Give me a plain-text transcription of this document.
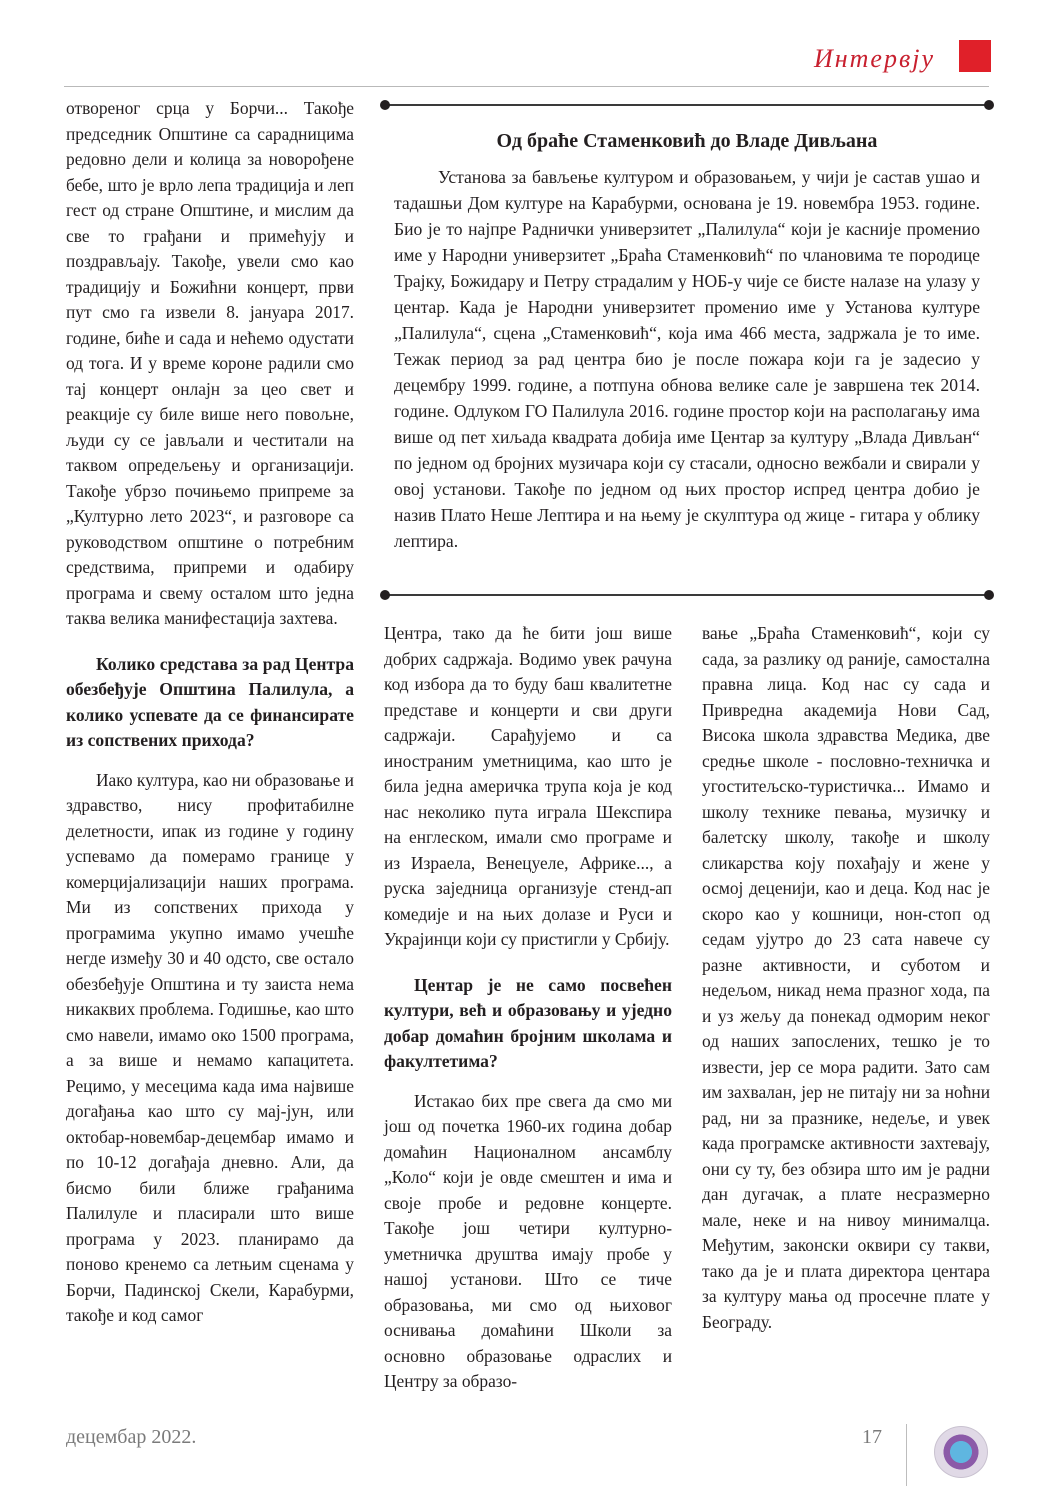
Интервју

отвореног срца у Борчи... Такође председник Општине са сарадницима редовно дели и колица за новорођене бебе, што је врло лепа традиција и леп гест од стране Општине, и мислим да све то грађани и примећују и поздрављају. Такође, увели смо као традицију и Божићни концерт, први пут смо га извели 8. јануара 2017. године, биће и сада и нећемо одустати од тога. И у време короне радили смо тај концерт онлајн за цео свет и реакције су биле више него повољне, људи су се јављали и честитали на таквом опредељењу и организацији. Такође убрзо почињемо припреме за „Културно лето 2023“, и разговоре са руководством општине о потребним средствима, припреми и одабиру програма и свему осталом што једна таква велика манифестација захтева.

Колико средстава за рад Центра обезбеђује Општина Палилула, а колико успевате да се финансирате из сопствених прихода?

Иако култура, као ни образовање и здравство, нису профитабилне делетности, ипак из године у годину успевамо да померамо границе у комерцијализацији наших програма. Ми из сопствених прихода у програмима укупно имамо учешће негде између 30 и 40 одсто, све остало обезбеђује Општина и ту заиста нема никаквих проблема. Годишње, као што смо навели, имамо око 1500 програма, а за више и немамо капацитета. Рецимо, у месецима када има највише догађања као што су мај-јун, или октобар-новембар-децембар имамо и по 10-12 догађаја дневно. Али, да бисмо били ближе грађанима Палилуле и пласирали што више програма у 2023. планирамо да поново кренемо са летњим сценама у Борчи, Падинској Скели, Карабурми, такође и код самог

Од браће Стаменковић до Владе Дивљана

Установа за бављење културом и образовањем, у чији је састав ушао и тадашњи Дом културе на Карабурми, основана је 19. новембра 1953. године. Био је то најпре Раднички универзитет „Палилула“ који је касније променио име у Народни универзитет „Браћа Стаменковић“ по члановима те породице Трајку, Божидару и Петру страдалим у НОБ-у чије се бисте налазе на улазу у центар. Када је Народни универзитет променио име у Установа културе „Палилула“, сцена „Стаменковић“, која има 466 места, задржала је то име. Тежак период за рад центра био је после пожара који га је задесио у децембру 1999. године, а потпуна обнова велике сале је завршена тек 2014. године. Одлуком ГО Палилула 2016. године простор који на располагању има више од пет хиљада квадрата добија име Центар за културу „Влада Дивљан“ по једном од бројних музичара који су стасали, односно вежбали и свирали у овој установи. Такође по једном од њих простор испред центра добио је назив Плато Неше Лептира и на њему је скулптура од жице - гитара у облику лептира.

Центра, тако да ће бити још више добрих садржаја. Водимо увек рачуна код избора да то буду баш квалитетне представе и концерти и сви други садржаји. Сарађујемо и са иностраним уметницима, као што је била једна америчка трупа која је код нас неколико пута играла Шекспира на енглеском, имали смо програме и из Израела, Венецуеле, Африке..., а руска заједница организује стенд-ап комедије и на њих долазе и Руси и Украјинци који су пристигли у Србију.

Центар је не само посвећен култури, већ и образовању и уједно добар домаћин бројним школама и факултетима?

Истакао бих пре свега да смо ми још од почетка 1960-их година добар домаћин Националном ансамблу „Коло“ који је овде смештен и има и своје пробе и редовне концерте. Такође још четири културно-уметничка друштва имају пробе у нашој установи. Што се тиче образовања, ми смо од њиховог оснивања домаћини Школи за основно образовање одраслих и Центру за образо-

вање „Браћа Стаменковић“, који су сада, за разлику од раније, самостална правна лица. Код нас су сада и Привредна академија Нови Сад, Висока школа здравства Медика, две средње школе - пословно-техничка и угоститељско-туристичка... Имамо и школу технике певања, музичку и балетску школу, такође и школу сликарства коју похађају и жене у осмој деценији, као и деца. Код нас је скоро као у кошници, нон-стоп од седам ујутро до 23 сата навече су разне активности, и суботом и недељом, никад нема празног хода, па и уз жељу да понекад одморим неког од наших запослених, тешко је то извести, јер се мора радити. Зато сам им захвалан, јер не питају ни за ноћни рад, ни за празнике, недеље, и увек када програмске активности захтевају, они су ту, без обзира што им је радни дан дугачак, а плате несразмерно мале, неке и на нивоу минималца. Међутим, законски оквири су такви, тако да је и плата директора центара за културу мања од просечне плате у Београду.

децембар 2022.	17
